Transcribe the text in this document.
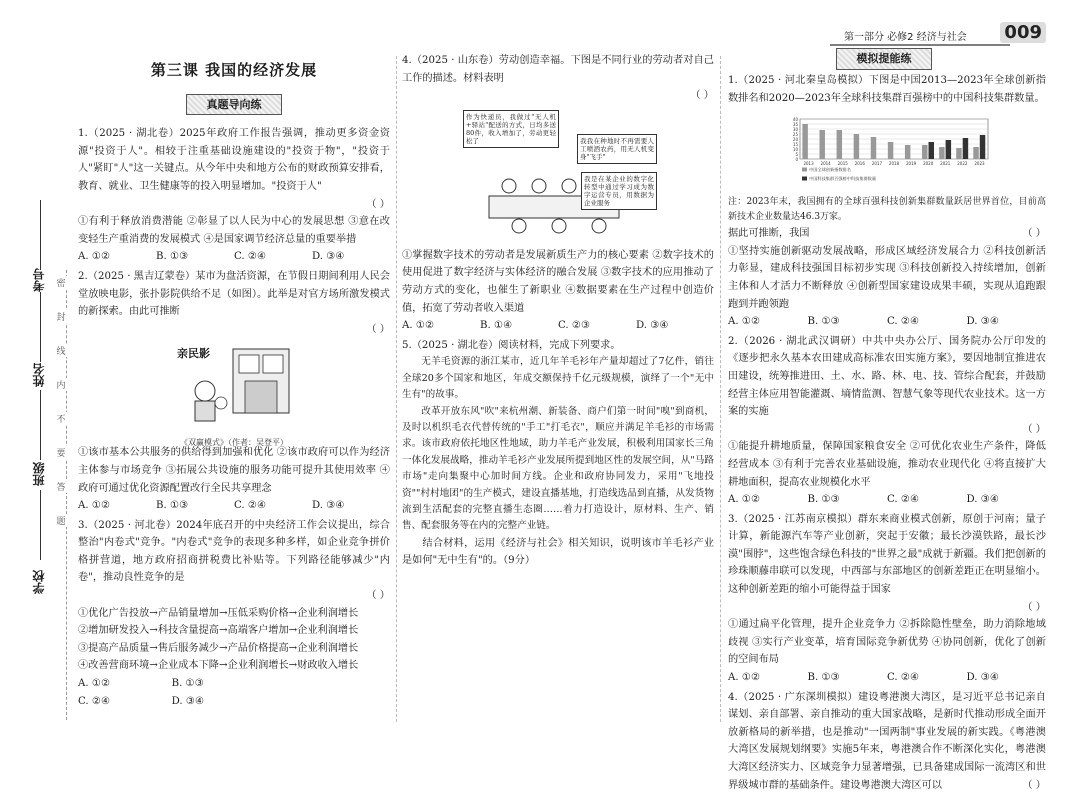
第一部分 必修2 经济与社会 009
考号
姓名
班级
学校
密
封
线
内
不
要
答
题
第三课 我国的经济发展
真题导向练
1.（2025 · 湖北卷）2025年政府工作报告强调，推动更多资金资源"投资于人"。相较于注重基础设施建设的"投资于物"，"投资于人"紧盯"人"这一关键点。从今年中央和地方公布的财政预算安排看，教育、就业、卫生健康等的投入明显增加。"投资于人"
（ ）
①有利于释放消费潜能 ②彰显了以人民为中心的发展思想 ③意在改变轻生产重消费的发展模式 ④是国家调节经济总量的重要举措
A. ①②	B. ①③	C. ②④	D. ③④
2.（2025 · 黑吉辽蒙卷）某市为盘活资源，在节假日期间利用人民会堂放映电影，张扑影院供给不足（如图）。此举是对官方场所激发模式的新探索。由此可推断
（ ）
亲民影
《双赢模式》（作者：吴登平）
①该市基本公共服务的供给得到加强和优化 ②该市政府可以作为经济主体参与市场竞争 ③拓展公共设施的服务功能可提升其使用效率 ④政府可通过优化资源配置改行全民共享理念
A. ①②	B. ①③	C. ②④	D. ③④
3.（2025 · 河北卷）2024年底召开的中央经济工作会议提出，综合整治"内卷式"竞争。"内卷式"竞争的表现多种多样，如企业竞争拼价格拼营道，地方政府招商拼税费比补贴等。下列路径能够减少"内卷"，推动良性竞争的是
（ ）
①优化广告投放→产品销量增加→压低采购价格→企业利润增长
②增加研发投入→科技含量提高→高端客户增加→企业利润增长
③提高产品质量→售后服务减少→产品价格提高→企业利润增长
④改善营商环境→企业成本下降→企业利润增长→财政收入增长
A. ①②	B. ①③
C. ②④	D. ③④
4.（2025 · 山东卷）劳动创造幸福。下图是不同行业的劳动者对自己工作的描述。材料表明
（ ）
作为快递员，我做过"无人机+驿站"配送的方式，日均多送80件，收入增加了，劳动更轻松了	我我在种地时不再需要人工喷洒农药，用无人机变身"飞手"
我是在某企业的数字化转型中通过学习成为数字运营专员，用数据为企业服务
①掌握数字技术的劳动者是发展新质生产力的核心要素 ②数字技术的使用促进了数字经济与实体经济的融合发展 ③数字技术的应用推动了劳动方式的变化，也催生了新职业 ④数据要素在生产过程中创造价值，拓宽了劳动者收入渠道
A. ①②	B. ①④	C. ②③	D. ③④
5.（2025 · 湖北卷）阅读材料，完成下列要求。
无羊毛资源的浙江某市，近几年羊毛衫年产量却超过了7亿件，销往全球20多个国家和地区，年成交额保持千亿元级规模，演绎了一个"无中生有"的故事。
改革开放东风"吹"来杭州潮、新装备、商户们第一时间"嗅"到商机，及时以机织毛衣代替传统的"手工"打毛衣"，顺应并满足羊毛衫的市场需求。该市政府依托地区性地域，助力羊毛产业发展，积极利用国家长三角一体化发展战略，推动羊毛衫产业发展所提到地区性的发展空间，从"马路市场"走向集聚中心加时间方线。企业和政府协同发力，采用"飞地投资""村村地团"的生产模式，建设直播基地，打造线选品到直播，从发货物流到生活配套的完整直播生态圈……着力打造设计，原材料、生产、销售、配套服务等在内的完整产业链。
结合材料，运用《经济与社会》相关知识，说明该市羊毛衫产业是如何"无中生有"的。（9分）
模拟提能练
1.（2025 · 河北秦皇岛模拟）下图是中国2013—2023年全球创新指数排名和2020—2023年全球科技集群百强榜中的中国科技集群数量。
0
5
10
15
20
25
30
35
40
2013 2014 2015 2016 2017 2018 2019 2020 2021 2022 2023
中国全球创新指数排名
中国科技集群百强榜中科技集群数量
注：2023年末，我国拥有的全球百强科技创新集群数量跃居世界首位，目前高新技术企业数量达46.3万家。
据此可推断，我国	（ ）
①坚持实施创新驱动发展战略，形成区域经济发展合力 ②科技创新活力彰显，建成科技强国目标初步实现 ③科技创新投入持续增加，创新主体和人才活力不断释放 ④创新型国家建设成果丰硕，实现从追跑跟跑到并跑领跑
A. ①②	B. ①③	C. ②④	D. ③④
2.（2026 · 湖北武汉调研）中共中央办公厅、国务院办公厅印发的《逐步把永久基本农田建成高标准农田实施方案》，要因地制宜推进农田建设，统筹推进田、土、水、路、林、电、技、管综合配套，并鼓励经营主体应用智能灌溉、墒情监测、智慧气象等现代农业技术。这一方案的实施
（ ）
①能提升耕地质量，保障国家粮食安全 ②可优化农业生产条件，降低经营成本 ③有利于完善农业基础设施，推动农业现代化 ④将直接扩大耕地面积，提高农业规模化水平
A. ①②	B. ①③	C. ②④	D. ③④
3.（2025 · 江苏南京模拟）群东来商业模式创新，原创于河南；量子计算，新能源汽车等产业创新，突起于安徽；最长沙漠铁路，最长沙漠"围脖"，这些饱含绿色科技的"世界之最"成就于新疆。我们把创新的珍珠顺藤串联可以发现，中西部与东部地区的创新差距正在明显缩小。这种创新差距的缩小可能得益于国家
（ ）
①通过扁平化管理，提升企业竞争力 ②拆除隐性壁垒，助力消除地域歧视 ③实行产业变革，培育国际竞争新优势 ④协同创新，优化了创新的空间布局
A. ①②	B. ①③	C. ②④	D. ③④
4.（2025 · 广东深圳模拟）建设粤港澳大湾区，是习近平总书记亲自谋划、亲自部署、亲自推动的重大国家战略，是新时代推动形成全面开放新格局的新举措，也是推动"一国两制"事业发展的新实践。《粤港澳大湾区发展规划纲要》实施5年来，粤港澳合作不断深化实化，粤港澳大湾区经济实力、区域竞争力显著增强，已具备建成国际一流湾区和世界级城市群的基础条件。建设粤港澳大湾区可以	（ ）
